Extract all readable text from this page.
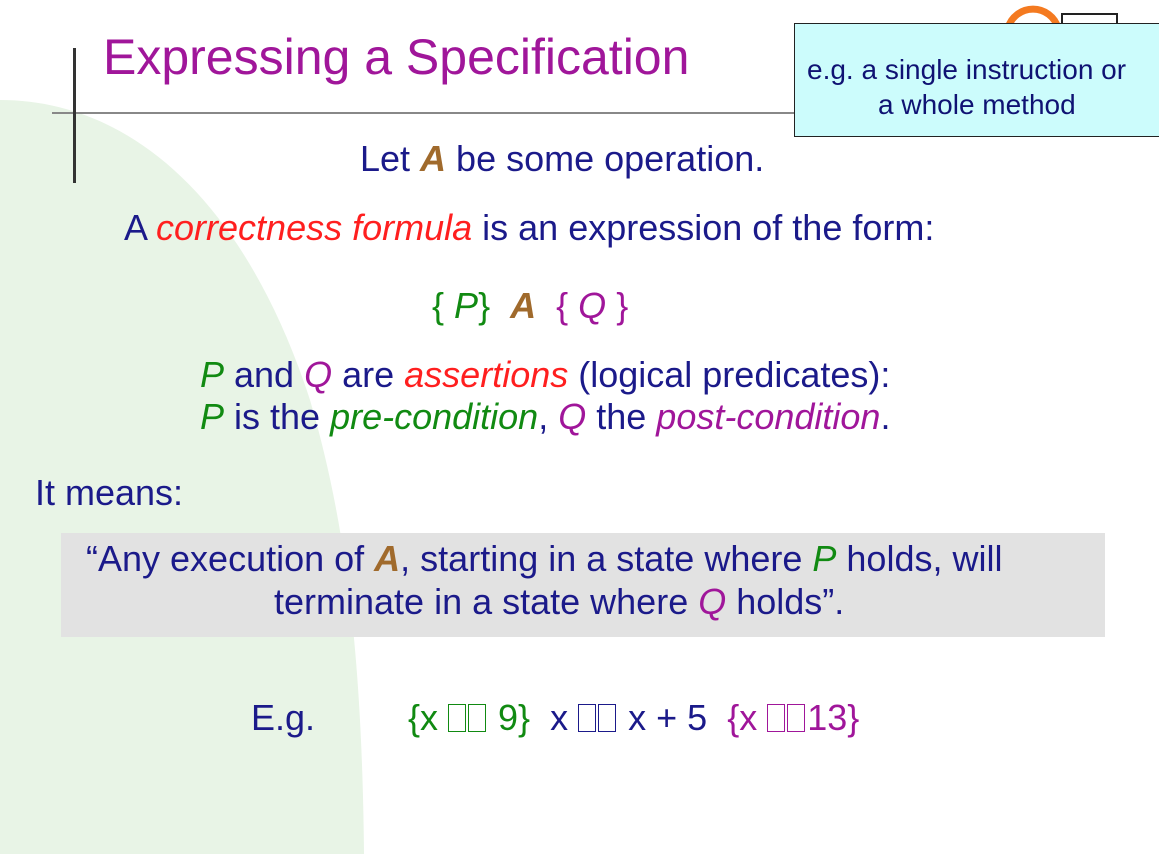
Expressing a Specification	e.g. a single instruction or
a whole method
Let A be some operation.
A correctness formula is an expression of the form:
{ P} A { Q }
P and Q are assertions (logical predicates):
P is the pre-condition, Q the post-condition.
It means:
“Any execution of A, starting in a state where P holds, will
terminate in a state where Q holds”.
E.g.	{x  9} x  x + 5 {x 13}
